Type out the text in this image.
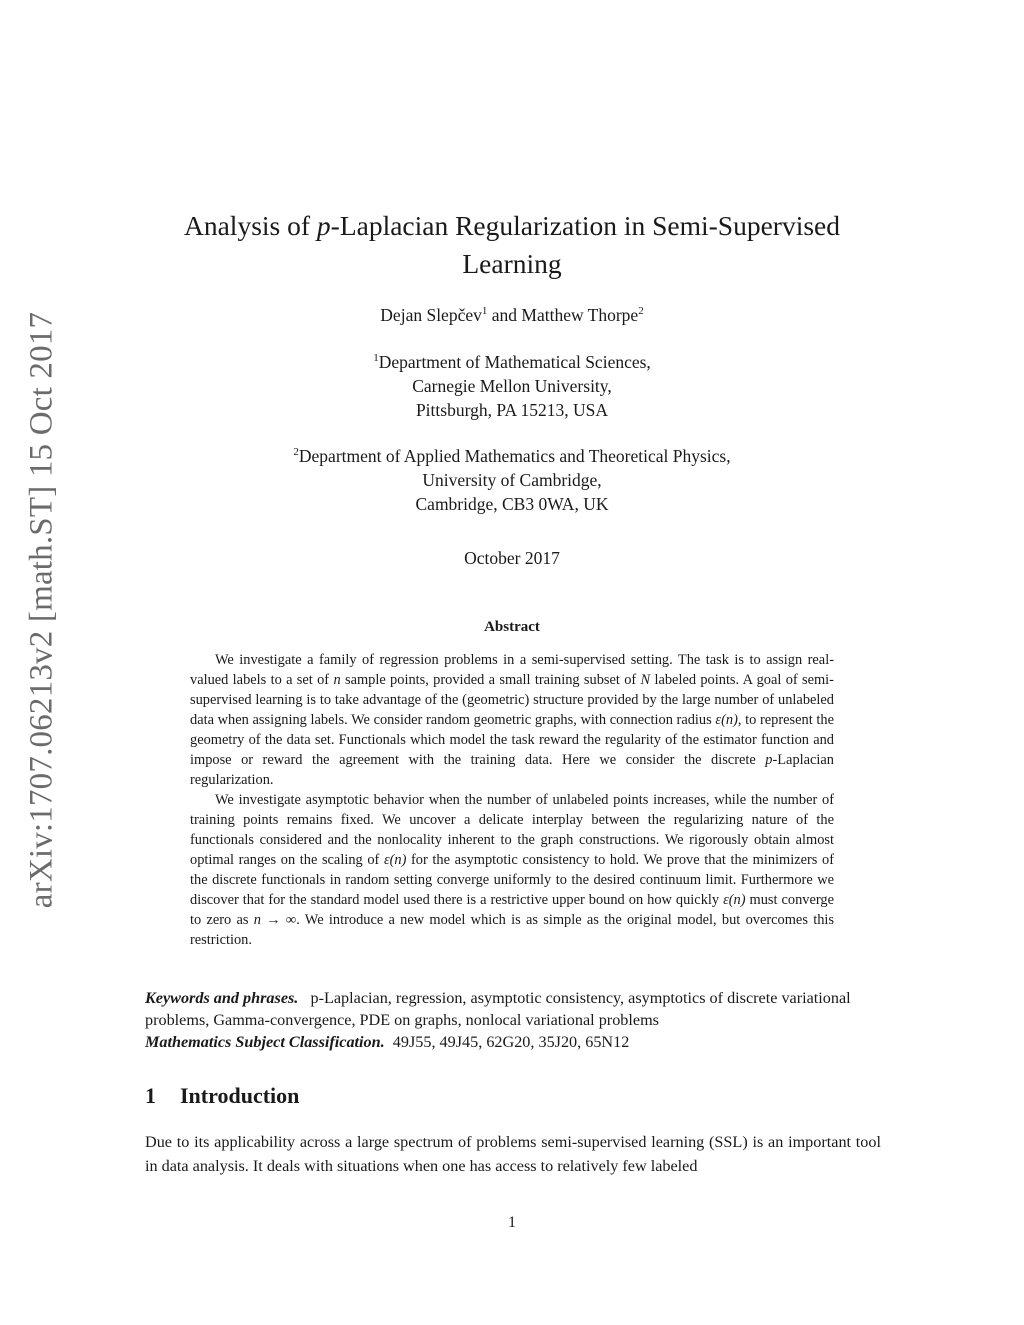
arXiv:1707.06213v2 [math.ST] 15 Oct 2017
Analysis of p-Laplacian Regularization in Semi-Supervised
Learning
Dejan Slepčev$^1$ and Matthew Thorpe$^2$
$^1$Department of Mathematical Sciences,
Carnegie Mellon University,
Pittsburgh, PA 15213, USA
$^2$Department of Applied Mathematics and Theoretical Physics,
University of Cambridge,
Cambridge, CB3 0WA, UK
October 2017
Abstract

We investigate a family of regression problems in a semi-supervised setting. The task is to assign real-valued labels to a set of n sample points, provided a small training subset of N labeled points. A goal of semi-supervised learning is to take advantage of the (geometric) structure provided by the large number of unlabeled data when assigning labels. We consider random geometric graphs, with connection radius ε(n), to represent the geometry of the data set. Functionals which model the task reward the regularity of the estimator function and impose or reward the agreement with the training data. Here we consider the discrete p-Laplacian regularization.

We investigate asymptotic behavior when the number of unlabeled points increases, while the number of training points remains fixed. We uncover a delicate interplay between the regularizing nature of the functionals considered and the nonlocality inherent to the graph constructions. We rigorously obtain almost optimal ranges on the scaling of ε(n) for the asymptotic consistency to hold. We prove that the minimizers of the discrete functionals in random setting converge uniformly to the desired continuum limit. Furthermore we discover that for the standard model used there is a restrictive upper bound on how quickly ε(n) must converge to zero as n → ∞. We introduce a new model which is as simple as the original model, but overcomes this restriction.

Keywords and phrases. p-Laplacian, regression, asymptotic consistency, asymptotics of discrete variational problems, Gamma-convergence, PDE on graphs, nonlocal variational problems

Mathematics Subject Classification. 49J55, 49J45, 62G20, 35J20, 65N12

1 Introduction

Due to its applicability across a large spectrum of problems semi-supervised learning (SSL) is an important tool in data analysis. It deals with situations when one has access to relatively few labeled

1
